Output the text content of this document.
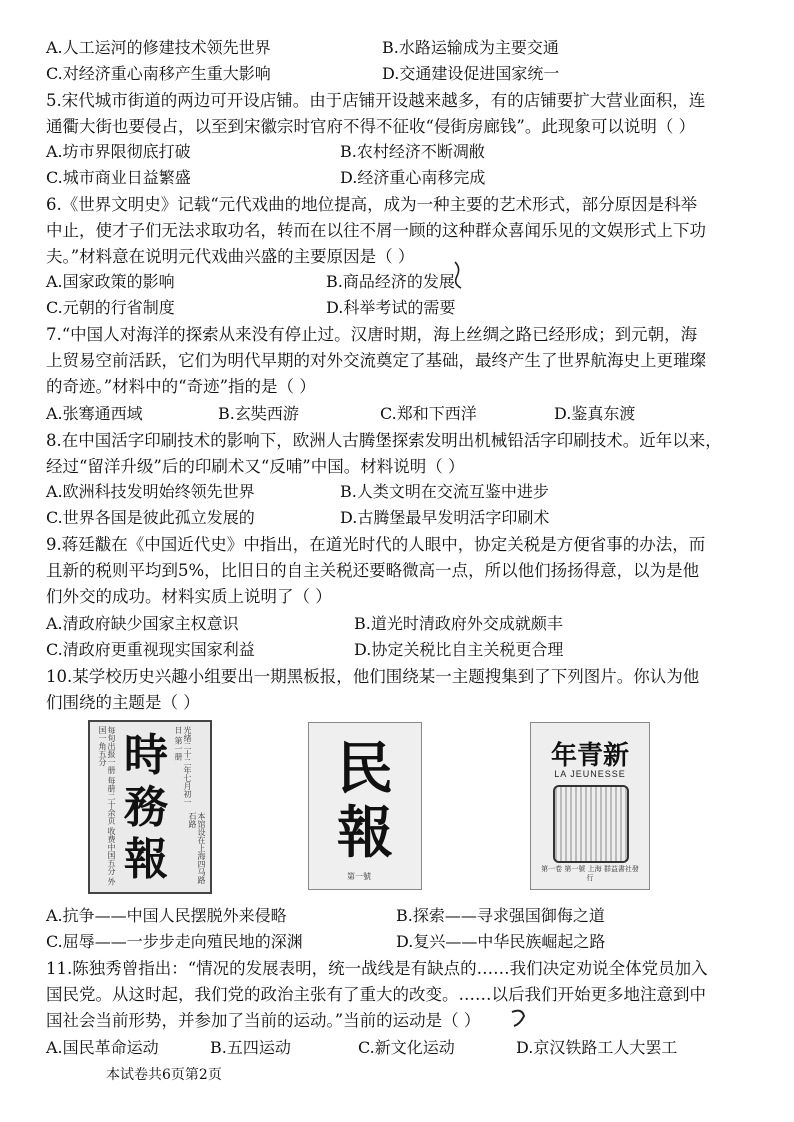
A.人工运河的修建技术领先世界	B.水路运输成为主要交通
C.对经济重心南移产生重大影响	D.交通建设促进国家统一
5.宋代城市街道的两边可开设店铺。由于店铺开设越来越多，有的店铺要扩大营业面积，连
通衢大街也要侵占，以至到宋徽宗时官府不得不征收“侵街房廊钱”。此现象可以说明（ ）
A.坊市界限彻底打破	B.农村经济不断凋敝
C.城市商业日益繁盛	D.经济重心南移完成
6.《世界文明史》记载“元代戏曲的地位提高，成为一种主要的艺术形式，部分原因是科举
中止，使才子们无法求取功名，转而在以往不屑一顾的这种群众喜闻乐见的文娱形式上下功
夫。”材料意在说明元代戏曲兴盛的主要原因是（ ）
A.国家政策的影响	B.商品经济的发展
C.元朝的行省制度	D.科举考试的需要
7.“中国人对海洋的探索从来没有停止过。汉唐时期，海上丝绸之路已经形成；到元朝，海
上贸易空前活跃，它们为明代早期的对外交流奠定了基础，最终产生了世界航海史上更璀璨
的奇迹。”材料中的“奇迹”指的是（ ）
A.张骞通西域	B.玄奘西游	C.郑和下西洋	D.鉴真东渡
8.在中国活字印刷技术的影响下，欧洲人古腾堡探索发明出机械铅活字印刷技术。近年以来，
经过“留洋升级”后的印刷术又“反哺”中国。材料说明（ ）
A.欧洲科技发明始终领先世界	B.人类文明在交流互鉴中进步
C.世界各国是彼此孤立发展的	D.古腾堡最早发明活字印刷术
9.蒋廷黻在《中国近代史》中指出，在道光时代的人眼中，协定关税是方便省事的办法，而
且新的税则平均到5%，比旧日的自主关税还要略微高一点，所以他们扬扬得意，以为是他
们外交的成功。材料实质上说明了（ ）
A.清政府缺少国家主权意识	B.道光时清政府外交成就颇丰
C.清政府更重视现实国家利益	D.协定关税比自主关税更合理
10.某学校历史兴趣小组要出一期黑板报，他们围绕某一主题搜集到了下列图片。你认为他
们围绕的主题是（ ）
每旬出报一册 每册二十余页 收费中国五分 外国一角五分 時
務
報
光绪二十二年七月初一日 第一册
本馆设在上海四马路石路
民
報
第一號
新青年
LA JEUNESSE
第一卷 第一號 上海 群益書社發行
A.抗争——中国人民摆脱外来侵略	B.探索——寻求强国御侮之道
C.屈辱——一步步走向殖民地的深渊	D.复兴——中华民族崛起之路
11.陈独秀曾指出：“情况的发展表明，统一战线是有缺点的……我们决定劝说全体党员加入
国民党。从这时起，我们党的政治主张有了重大的改变。……以后我们开始更多地注意到中
国社会当前形势，并参加了当前的运动。”当前的运动是（ ）
A.国民革命运动	B.五四运动	C.新文化运动	D.京汉铁路工人大罢工
本试卷共6页第2页
